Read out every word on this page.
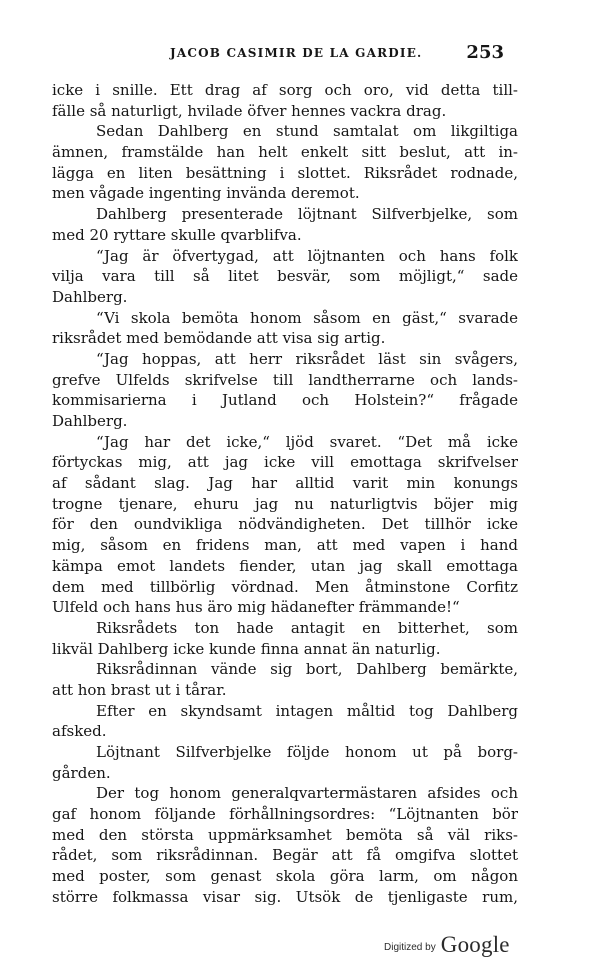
JACOB CASIMIR DE LA GARDIE. 253
icke i snille. Ett drag af sorg och oro, vid detta till-
fälle så naturligt, hvilade öfver hennes vackra drag.
Sedan Dahlberg en stund samtalat om likgiltiga
ämnen, framstälde han helt enkelt sitt beslut, att in-
lägga en liten besättning i slottet. Riksrådet rodnade,
men vågade ingenting invända deremot.
Dahlberg presenterade löjtnant Silfverbjelke, som
med 20 ryttare skulle qvarblifva.
“Jag är öfvertygad, att löjtnanten och hans folk
vilja vara till så litet besvär, som möjligt,“ sade
Dahlberg.
“Vi skola bemöta honom såsom en gäst,“ svarade
riksrådet med bemödande att visa sig artig.
“Jag hoppas, att herr riksrådet läst sin svågers,
grefve Ulfelds skrifvelse till landtherrarne och lands-
kommisarierna i Jutland och Holstein?“ frågade
Dahlberg.
“Jag har det icke,“ ljöd svaret. “Det må icke
förtyckas mig, att jag icke vill emottaga skrifvelser
af sådant slag. Jag har alltid varit min konungs
trogne tjenare, ehuru jag nu naturligtvis böjer mig
för den oundvikliga nödvändigheten. Det tillhör icke
mig, såsom en fridens man, att med vapen i hand
kämpa emot landets fiender, utan jag skall emottaga
dem med tillbörlig vördnad. Men åtminstone Corfitz
Ulfeld och hans hus äro mig hädanefter främmande!“
Riksrådets ton hade antagit en bitterhet, som
likväl Dahlberg icke kunde finna annat än naturlig.
Riksrådinnan vände sig bort, Dahlberg bemärkte,
att hon brast ut i tårar.
Efter en skyndsamt intagen måltid tog Dahlberg
afsked.
Löjtnant Silfverbjelke följde honom ut på borg-
gården.
Der tog honom generalqvartermästaren afsides och
gaf honom följande förhållningsordres: “Löjtnanten bör
med den största uppmärksamhet bemöta så väl riks-
rådet, som riksrådinnan. Begär att få omgifva slottet
med poster, som genast skola göra larm, om någon
större folkmassa visar sig. Utsök de tjenligaste rum,
Digitized by Google
